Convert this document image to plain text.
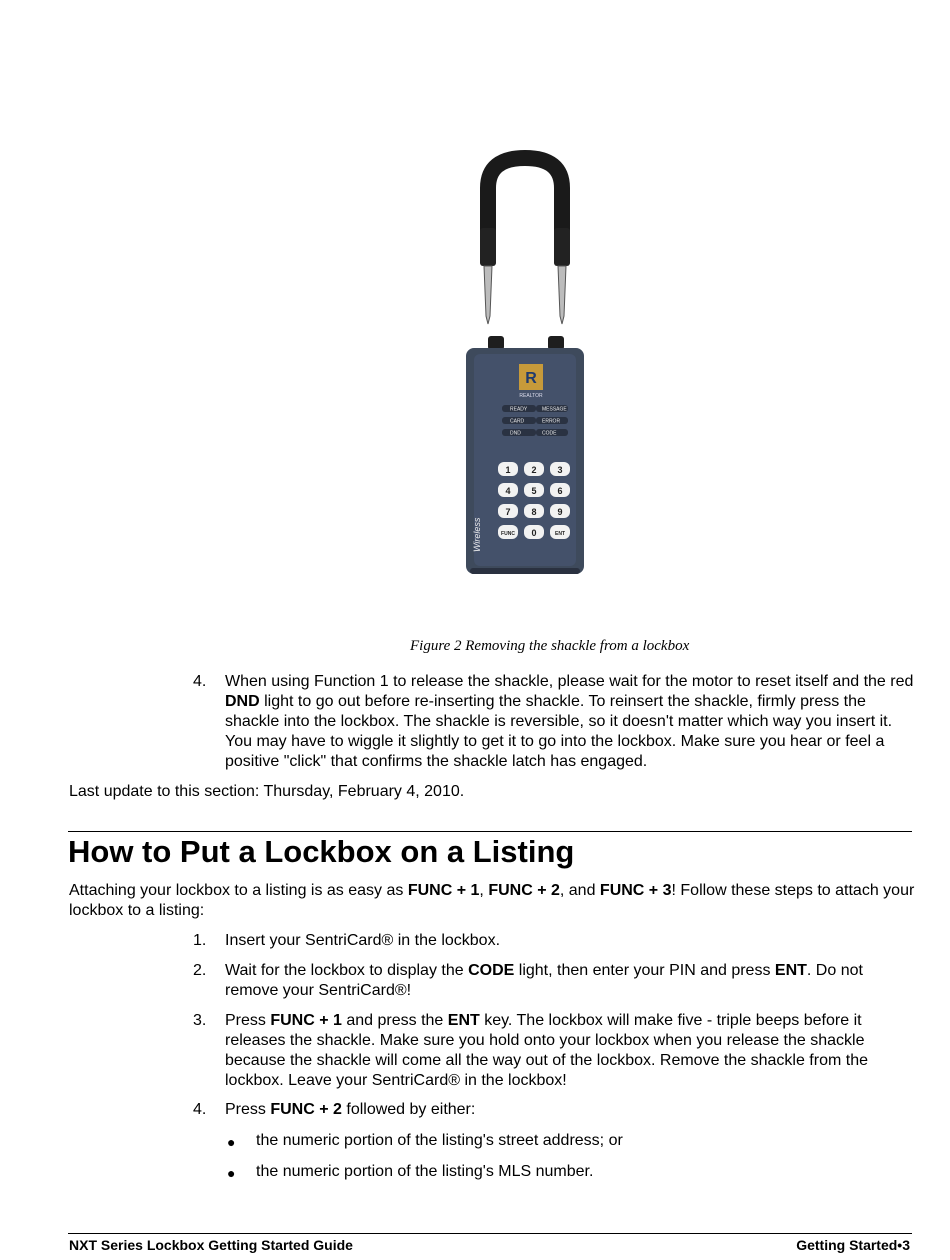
R
REALTOR
READY	MESSAGE
CARD	ERROR
DND	CODE
1 2 3
4 5 6
7 8 9
FUNC 0	ENT
Wireless
Figure 2 Removing the shackle from a lockbox
4.	When using Function 1 to release the shackle, please wait for the motor to reset itself and the red DND light to go out before re-inserting the shackle. To reinsert the shackle, firmly press the shackle into the lockbox. The shackle is reversible, so it doesn't matter which way you insert it. You may have to wiggle it slightly to get it to go into the lockbox. Make sure you hear or feel a positive "click" that confirms the shackle latch has engaged.
Last update to this section: Thursday, February 4, 2010.
How to Put a Lockbox on a Listing
Attaching your lockbox to a listing is as easy as FUNC + 1, FUNC + 2, and FUNC + 3! Follow these steps to attach your lockbox to a listing:
1.	Insert your SentriCard® in the lockbox.
2.	Wait for the lockbox to display the CODE light, then enter your PIN and press ENT. Do not remove your SentriCard®!
3.	Press FUNC + 1 and press the ENT key. The lockbox will make five - triple beeps before it releases the shackle. Make sure you hold onto your lockbox when you release the shackle because the shackle will come all the way out of the lockbox. Remove the shackle from the lockbox. Leave your SentriCard® in the lockbox!
4.	Press FUNC + 2 followed by either:
● the numeric portion of the listing's street address; or
● the numeric portion of the listing's MLS number.
NXT Series Lockbox Getting Started Guide	Getting Started•3
